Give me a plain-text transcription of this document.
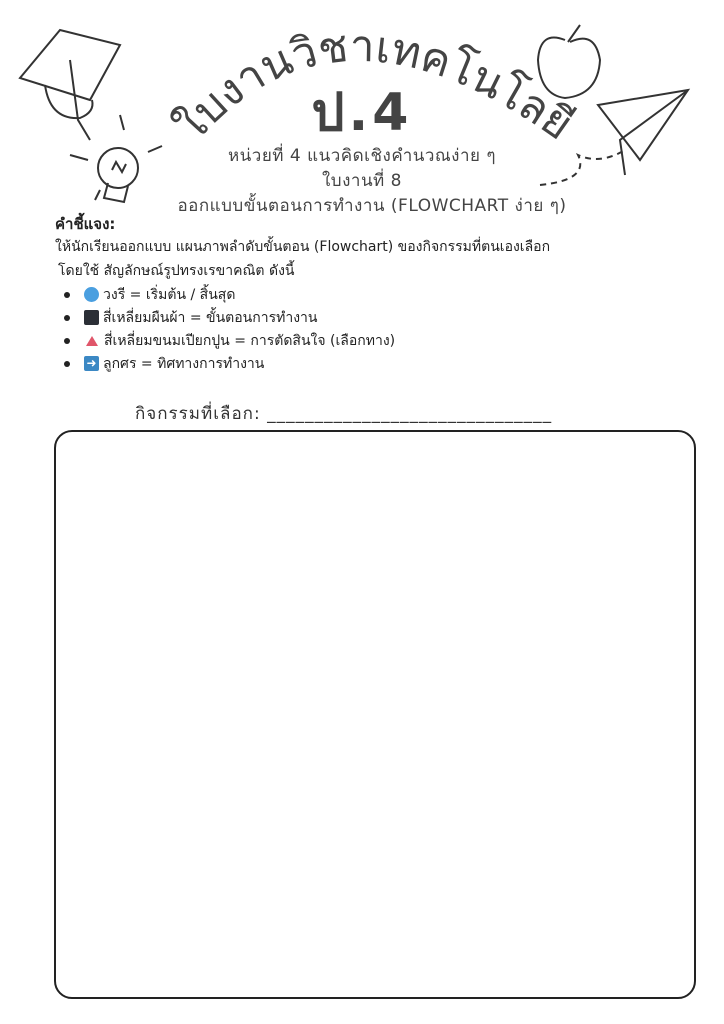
ใบงานวิชาเทคโนโลยี
ป.4
หน่วยที่ 4 แนวคิดเชิงคำนวณง่าย ๆ
ใบงานที่ 8
ออกแบบขั้นตอนการทำงาน (FLOWCHART ง่าย ๆ)
คำชี้แจง:
ให้นักเรียนออกแบบ แผนภาพลำดับขั้นตอน (Flowchart) ของกิจกรรมที่ตนเองเลือก
โดยใช้ สัญลักษณ์รูปทรงเรขาคณิต ดังนี้
วงรี = เริ่มต้น / สิ้นสุด
สี่เหลี่ยมผืนผ้า = ขั้นตอนการทำงาน
สี่เหลี่ยมขนมเปียกปูน = การตัดสินใจ (เลือกทาง)
➜ ลูกศร = ทิศทางการทำงาน
กิจกรรมที่เลือก: ______________________________
